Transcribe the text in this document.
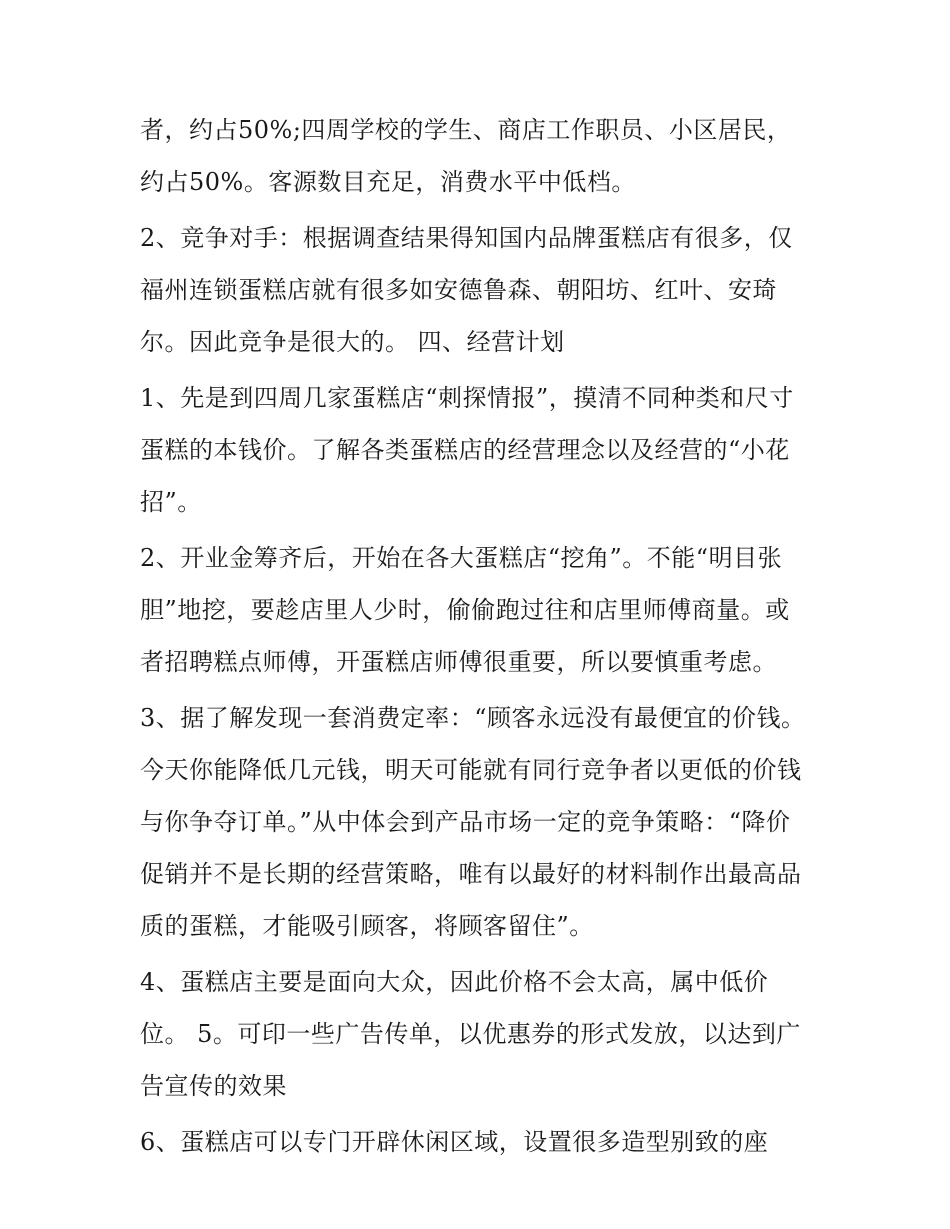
者，约占50%;四周学校的学生、商店工作职员、小区居民，
约占50%。客源数目充足，消费水平中低档。
2、竞争对手：根据调查结果得知国内品牌蛋糕店有很多，仅
福州连锁蛋糕店就有很多如安德鲁森、朝阳坊、红叶、安琦
尔。因此竞争是很大的。 四、经营计划
1、先是到四周几家蛋糕店“刺探情报”，摸清不同种类和尺寸
蛋糕的本钱价。了解各类蛋糕店的经营理念以及经营的“小花
招”。
2、开业金筹齐后，开始在各大蛋糕店“挖角”。不能“明目张
胆”地挖，要趁店里人少时，偷偷跑过往和店里师傅商量。或
者招聘糕点师傅，开蛋糕店师傅很重要，所以要慎重考虑。
3、据了解发现一套消费定率：“顾客永远没有最便宜的价钱。
今天你能降低几元钱，明天可能就有同行竞争者以更低的价钱
与你争夺订单。”从中体会到产品市场一定的竞争策略：“降价
促销并不是长期的经营策略，唯有以最好的材料制作出最高品
质的蛋糕，才能吸引顾客，将顾客留住”。
4、蛋糕店主要是面向大众，因此价格不会太高，属中低价
位。 5。可印一些广告传单，以优惠券的形式发放，以达到广
告宣传的效果
6、蛋糕店可以专门开辟休闲区域，设置很多造型别致的座
